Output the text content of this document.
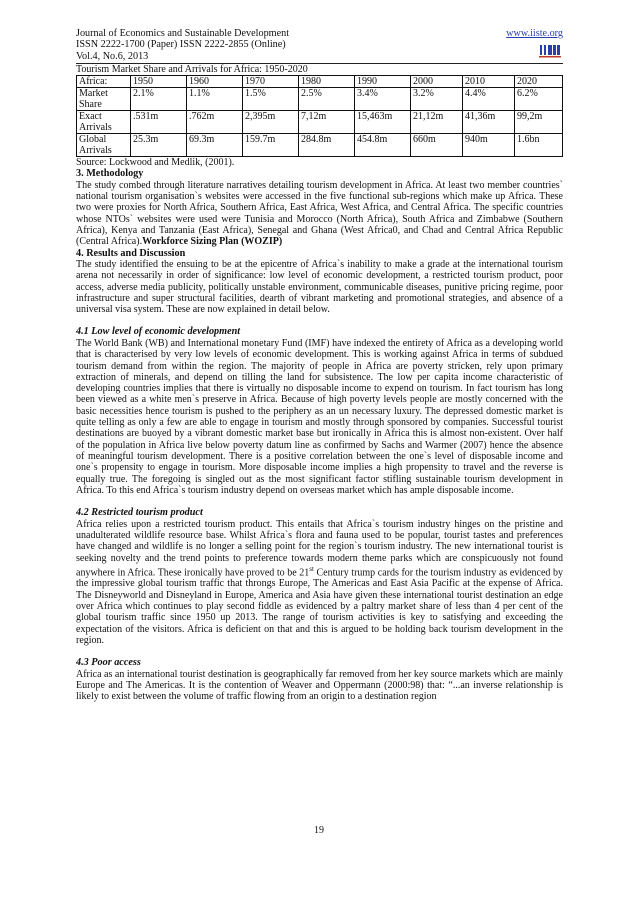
Journal of Economics and Sustainable Development	www.iiste.org
ISSN 2222-1700 (Paper) ISSN 2222-2855 (Online)
Vol.4, No.6, 2013
Tourism Market Share and Arrivals for Africa: 1950-2020
Africa:	1950	1960	1970	1980	1990	2000	2010	2020
Market Share	2.1%	1.1%	1.5%	2.5%	3.4%	3.2%	4.4%	6.2%
Exact Arrivals	.531m	.762m	2,395m	7,12m	15,463m	21,12m	41,36m	99,2m
Global Arrivals	25.3m	69.3m	159.7m	284.8m	454.8m	660m	940m	1.6bn
Source: Lockwood and Medlik, (2001).
3. Methodology

The study combed through literature narratives detailing tourism development in Africa. At least two member countries` national tourism organisation`s websites were accessed in the five functional sub-regions which make up Africa. These two were proxies for North Africa, Southern Africa, East Africa, West Africa, and Central Africa. The specific countries whose NTOs` websites were used were Tunisia and Morocco (North Africa), South Africa and Zimbabwe (Southern Africa), Kenya and Tanzania (East Africa), Senegal and Ghana (West Africa0, and Chad and Central Africa Republic (Central Africa).Workforce Sizing Plan (WOZIP)

4. Results and Discussion

The study identified the ensuing to be at the epicentre of Africa`s inability to make a grade at the international tourism arena not necessarily in order of significance: low level of economic development, a restricted tourism product, poor access, adverse media publicity, politically unstable environment, communicable diseases, punitive pricing regime, poor infrastructure and super structural facilities, dearth of vibrant marketing and promotional strategies, and absence of a universal visa system. These are now explained in detail below.

4.1 Low level of economic development

The World Bank (WB) and International monetary Fund (IMF) have indexed the entirety of Africa as a developing world that is characterised by very low levels of economic development. This is working against Africa in terms of subdued tourism demand from within the region. The majority of people in Africa are poverty stricken, rely upon primary extraction of minerals, and depend on tilling the land for subsistence. The low per capita income characteristic of developing countries implies that there is virtually no disposable income to expend on tourism. In fact tourism has long been viewed as a white men`s preserve in Africa. Because of high poverty levels people are mostly concerned with the basic necessities hence tourism is pushed to the periphery as an un necessary luxury. The depressed domestic market is quite telling as only a few are able to engage in tourism and mostly through sponsored by companies. Successful tourist destinations are buoyed by a vibrant domestic market base but ironically in Africa this is almost non-existent. Over half of the population in Africa live below poverty datum line as confirmed by Sachs and Warmer (2007) hence the absence of meaningful tourism development. There is a positive correlation between the one`s level of disposable income and one`s propensity to engage in tourism. More disposable income implies a high propensity to travel and the reverse is equally true. The foregoing is singled out as the most significant factor stifling sustainable tourism development in Africa. To this end Africa`s tourism industry depend on overseas market which has ample disposable income.

4.2 Restricted tourism product

Africa relies upon a restricted tourism product. This entails that Africa`s tourism industry hinges on the pristine and unadulterated wildlife resource base. Whilst Africa`s flora and fauna used to be popular, tourist tastes and preferences have changed and wildlife is no longer a selling point for the region`s tourism industry. The new international tourist is seeking novelty and the trend points to preference towards modern theme parks which are conspicuously not found anywhere in Africa. These ironically have proved to be 21st Century trump cards for the tourism industry as evidenced by the impressive global tourism traffic that throngs Europe, The Americas and East Asia Pacific at the expense of Africa. The Disneyworld and Disneyland in Europe, America and Asia have given these international tourist destination an edge over Africa which continues to play second fiddle as evidenced by a paltry market share of less than 4 per cent of the global tourism traffic since 1950 up 2013. The range of tourism activities is key to satisfying and exceeding the expectation of the visitors. Africa is deficient on that and this is argued to be holding back tourism development in the region.

4.3 Poor access

Africa as an international tourist destination is geographically far removed from her key source markets which are mainly Europe and The Americas. It is the contention of Weaver and Oppermann (2000:98) that: “...an inverse relationship is likely to exist between the volume of traffic flowing from an origin to a destination region

19
